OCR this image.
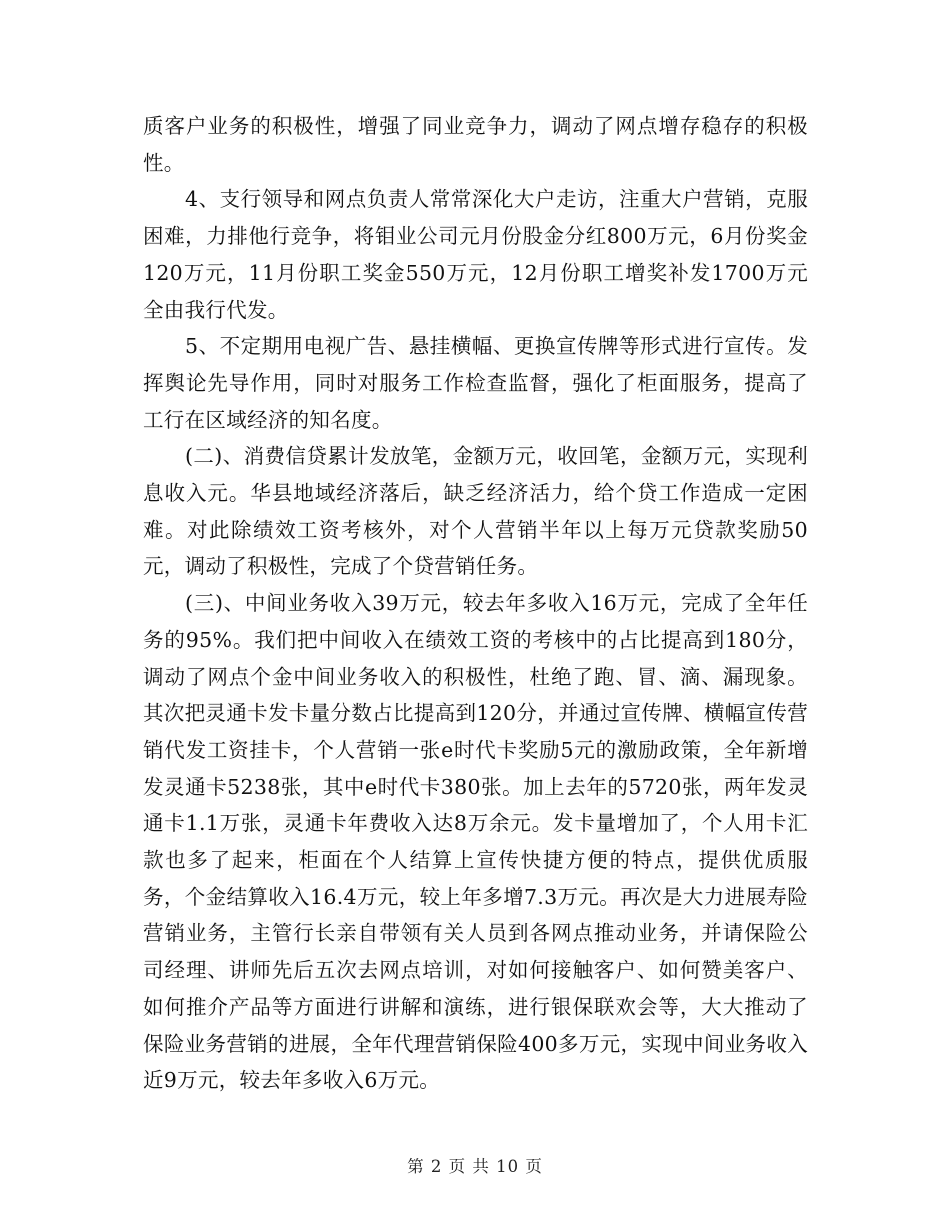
质客户业务的积极性，增强了同业竞争力，调动了网点增存稳存的积极性。

4、支行领导和网点负责人常常深化大户走访，注重大户营销，克服困难，力排他行竞争，将钼业公司元月份股金分红800万元，6月份奖金120万元，11月份职工奖金550万元，12月份职工增奖补发1700万元全由我行代发。

5、不定期用电视广告、悬挂横幅、更换宣传牌等形式进行宣传。发挥舆论先导作用，同时对服务工作检查监督，强化了柜面服务，提高了工行在区域经济的知名度。

(二)、消费信贷累计发放笔，金额万元，收回笔，金额万元，实现利息收入元。华县地域经济落后，缺乏经济活力，给个贷工作造成一定困难。对此除绩效工资考核外，对个人营销半年以上每万元贷款奖励50元，调动了积极性，完成了个贷营销任务。

(三)、中间业务收入39万元，较去年多收入16万元，完成了全年任务的95%。我们把中间收入在绩效工资的考核中的占比提高到180分，调动了网点个金中间业务收入的积极性，杜绝了跑、冒、滴、漏现象。其次把灵通卡发卡量分数占比提高到120分，并通过宣传牌、横幅宣传营销代发工资挂卡，个人营销一张e时代卡奖励5元的激励政策，全年新增发灵通卡5238张，其中e时代卡380张。加上去年的5720张，两年发灵通卡1.1万张，灵通卡年费收入达8万余元。发卡量增加了，个人用卡汇款也多了起来，柜面在个人结算上宣传快捷方便的特点，提供优质服务，个金结算收入16.4万元，较上年多增7.3万元。再次是大力进展寿险营销业务，主管行长亲自带领有关人员到各网点推动业务，并请保险公司经理、讲师先后五次去网点培训，对如何接触客户、如何赞美客户、如何推介产品等方面进行讲解和演练，进行银保联欢会等，大大推动了保险业务营销的进展，全年代理营销保险400多万元，实现中间业务收入近9万元，较去年多收入6万元。

第 2 页 共 10 页
